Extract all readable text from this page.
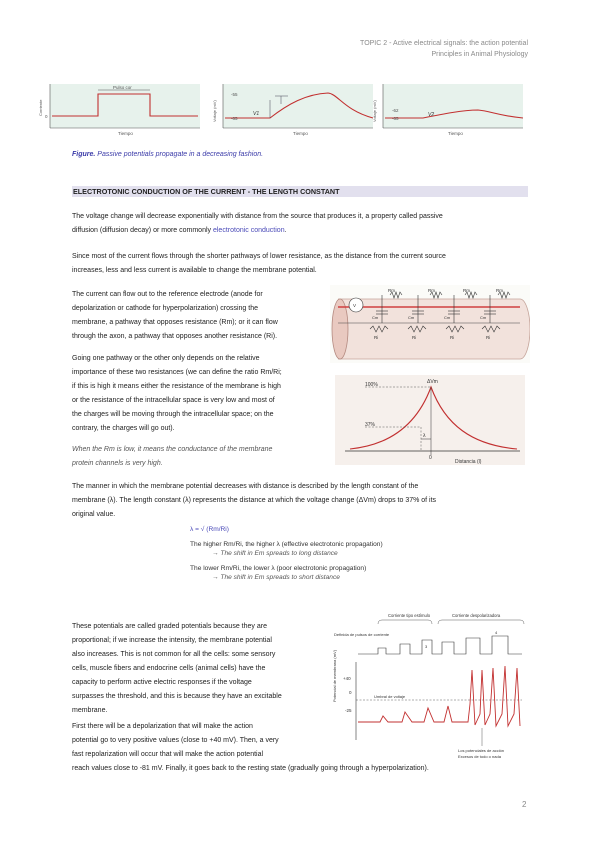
TOPIC 2 - Active electrical signals: the action potential
Principles in Animal Physiology
Pulso cor
0
Corriente
Tiempo
-55
-65
V1
Voltaje (mV)
Tiempo
-62
-65
V2
Voltaje (mV)
Tiempo
Figure. Passive potentials propagate in a decreasing fashion.
ELECTROTONIC CONDUCTION OF THE CURRENT - THE LENGTH CONSTANT
The voltage change will decrease exponentially with distance from the source that produces it, a property called passive
diffusion (diffusion decay) or more commonly electrotonic conduction.
Since most of the current flows through the shorter pathways of lower resistance, as the distance from the current source
increases, less and less current is available to change the membrane potential.
The current can flow out to the reference electrode (anode for
depolarization or cathode for hyperpolarization) crossing the
membrane, a pathway that opposes resistance (Rm); or it can flow
through the axon, a pathway that opposes another resistance (Ri).
Going one pathway or the other only depends on the relative
importance of these two resistances (we can define the ratio Rm/Ri;
if this is high it means either the resistance of the membrane is high
or the resistance of the intracellular space is very low and most of
the charges will be moving through the intracellular space; on the
contrary, the charges will go out).
When the Rm is low, it means the conductance of the membrane
protein channels is very high.
V
Rm	Rm	Rm	Rm
Ri	Ri	Ri	Ri
Cm	Cm	Cm	Cm
ΔVm
100%
37%
λ
0
Distancia (l)
The manner in which the membrane potential decreases with distance is described by the length constant of the
membrane (λ). The length constant (λ) represents the distance at which the voltage change (ΔVm) drops to 37% of its
original value.
λ = √ (Rm/Ri)
The higher Rm/Ri, the higher λ (effective electrotonic propagation)
→ The shift in Em spreads to long distance
The lower Rm/Ri, the lower λ (poor electrotonic propagation)
→ The shift in Em spreads to short distance
These potentials are called graded potentials because they are
proportional; if we increase the intensity, the membrane potential
also increases. This is not common for all the cells: some sensory
cells, muscle fibers and endocrine cells (animal cells) have the
capacity to perform active electric responses if the voltage
surpasses the threshold, and this is because they have an excitable
membrane.
Corriente tipo estímulo	Corriente despolarizadora
Definida de pulsos de corriente
3
4
Potencial de membrana (mV) +40
0
-25
Umbral de voltaje
Los potenciales de acción
Excesos de todo o nada
First there will be a depolarization that will make the action
potential go to very positive values (close to +40 mV). Then, a very
fast repolarization will occur that will make the action potential
reach values close to -81 mV. Finally, it goes back to the resting state (gradually going through a hyperpolarization).
2
